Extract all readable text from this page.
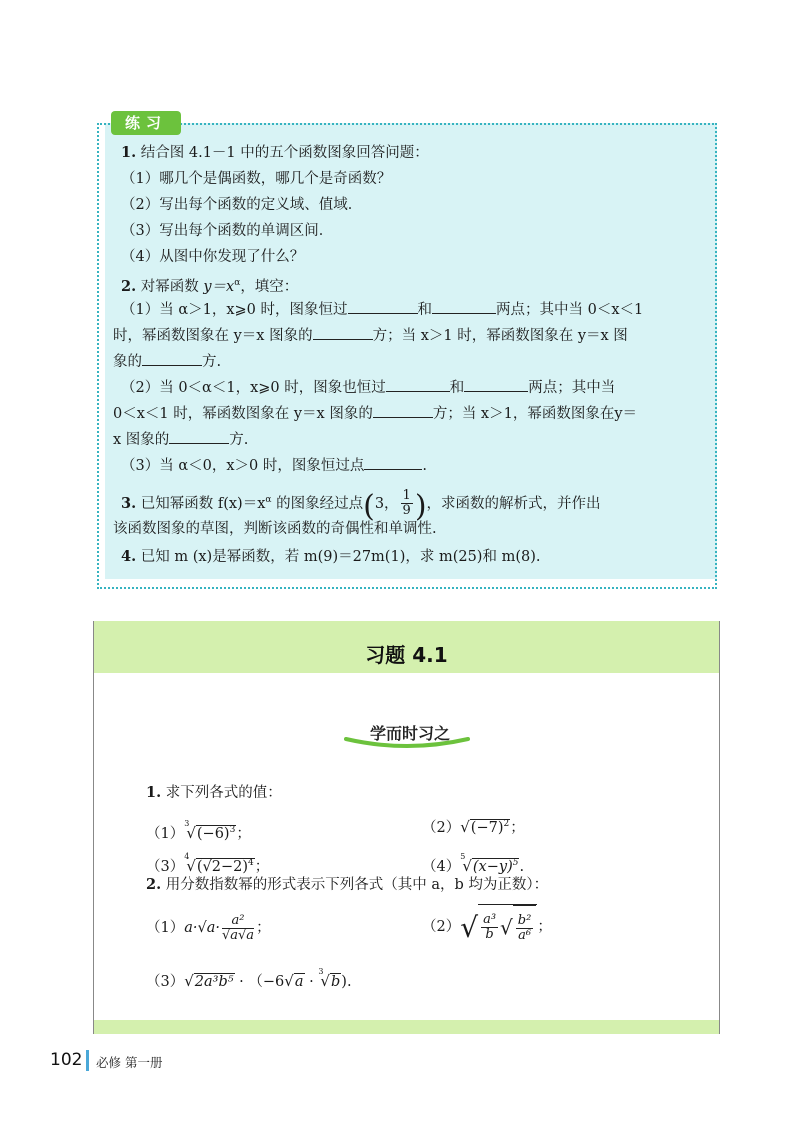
练习
1. 结合图 4.1－1 中的五个函数图象回答问题：
（1）哪几个是偶函数，哪几个是奇函数？
（2）写出每个函数的定义域、值域．
（3）写出每个函数的单调区间．
（4）从图中你发现了什么？
2. 对幂函数 $y=x^\alpha$，填空：
（1）当 α＞1，x⩾0 时，图象恒过	和	两点；其中当 0＜x＜1
时，幂函数图象在 y＝x 图象的	方；当 x＞1 时，幂函数图象在 y＝x 图
象的	方.
（2）当 0＜α＜1，x⩾0 时，图象也恒过	和	两点；其中当
0＜x＜1 时，幂函数图象在 y＝x 图象的	方；当 x＞1，幂函数图象在y＝
x 图象的	方.
（3）当 α＜0，x＞0 时，图象恒过点	.
3. 已知幂函数 $f(x)=x^\alpha$ 的图象经过点(3， $\frac{1}{9}$ )，求函数的解析式，并作出
该函数图象的草图，判断该函数的奇偶性和单调性.
4. 已知 m (x)是幂函数，若 m(9)＝27m(1)，求 m(25)和 m(8).
习题 4.1
学而时习之
1. 求下列各式的值：
$(1)^3√(-6)^3$；	$(2)√(-7)^2$；
$(3)^4√(√2-2)^4$；	$(4)^5√(x-y)^5$.
2. 用分数指数幂的形式表示下列各式（其中 a，b 均为正数）：
$(1)a\cdot√a\cdot \frac{\text{a²}}{√a√a}$ ；	$(2)√ \frac{\text{a³}}{b}$ √ $\frac{\text{b²}}{\text{a⁶}}$ ；
（3）√2a³b⁵ · （−6√a · $^3$√b).
102 必修 第一册
